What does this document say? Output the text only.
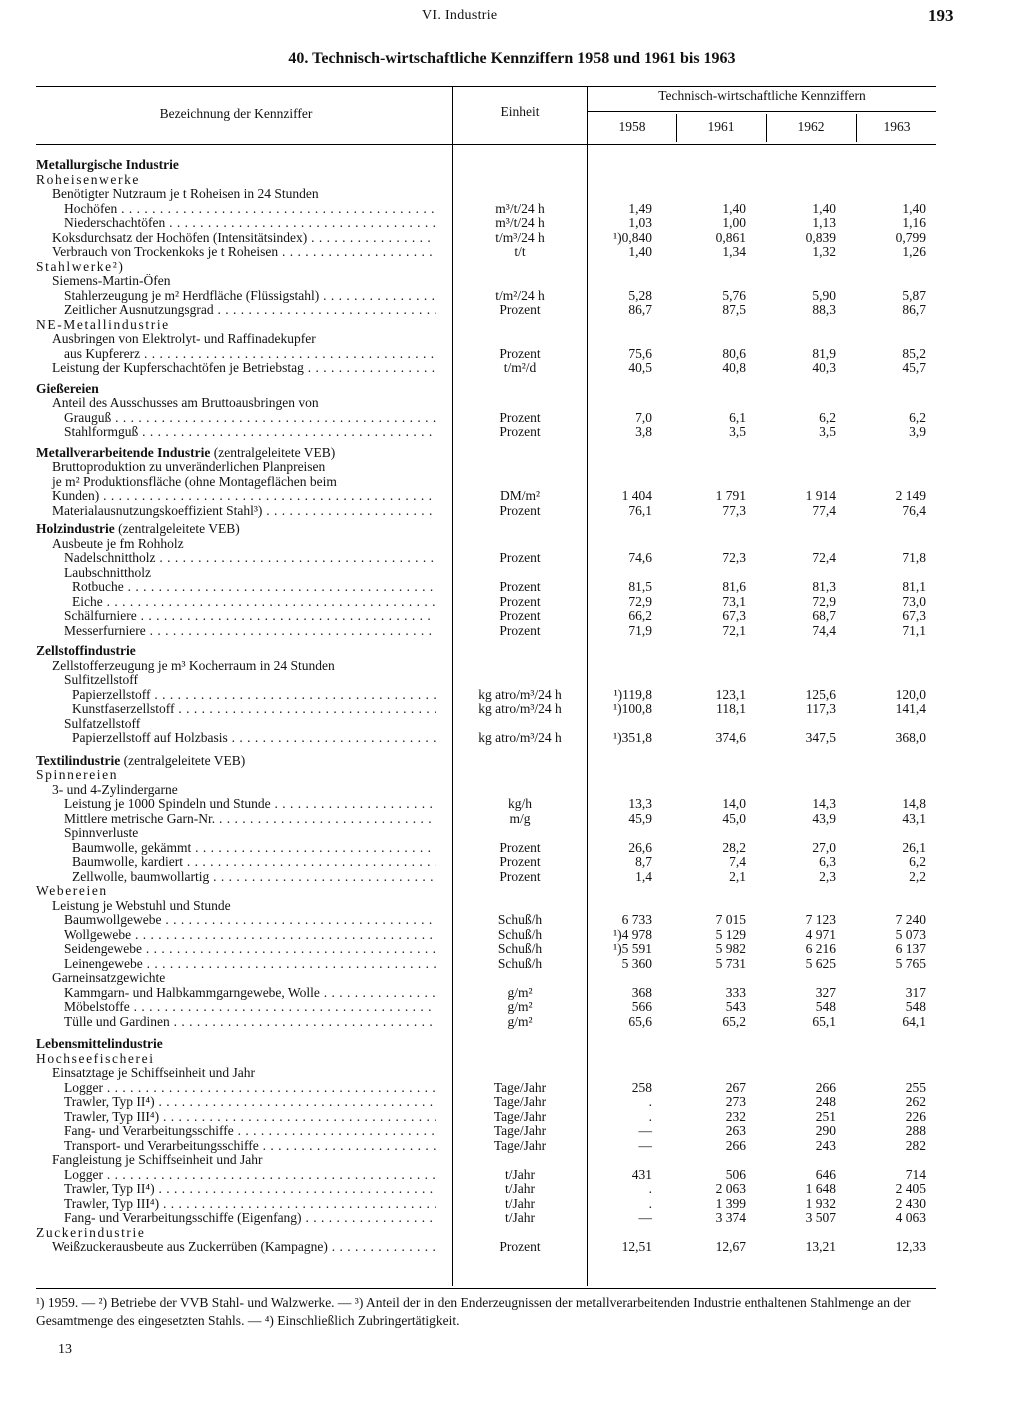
VI. Industrie	193
40. Technisch-wirtschaftliche Kennziffern 1958 und 1961 bis 1963
Bezeichnung der Kennziffer	Einheit
Technisch-wirtschaftliche Kennziffern
1958	1961	1962	1963
Metallurgische Industrie
Roheisenwerke
Benötigter Nutzraum je t Roheisen in 24 Stunden
Hochöfen . . .	m³/t/24 h	1,49	1,40	1,40	1,40
Niederschachtöfen . . .	m³/t/24 h	1,03	1,00	1,13	1,16
Koksdurchsatz der Hochöfen (Intensitätsindex) . . .	t/m³/24 h	¹)0,840	0,861	0,839	0,799
Verbrauch von Trockenkoks je t Roheisen . . .	t/t	1,40	1,34	1,32	1,26
Stahlwerke²)
Siemens-Martin-Öfen
Stahlerzeugung je m² Herdfläche (Flüssigstahl) . . .	t/m²/24 h	5,28	5,76	5,90	5,87
Zeitlicher Ausnutzungsgrad . . .	Prozent	86,7	87,5	88,3	86,7
NE-Metallindustrie
Ausbringen von Elektrolyt- und Raffinadekupfer
aus Kupfererz . . .	Prozent	75,6	80,6	81,9	85,2
Leistung der Kupferschachtöfen je Betriebstag . . .	t/m²/d	40,5	40,8	40,3	45,7
Gießereien
Anteil des Ausschusses am Bruttoausbringen von
Grauguß . . .	Prozent	7,0	6,1	6,2	6,2
Stahlformguß . . .	Prozent	3,8	3,5	3,5	3,9
Metallverarbeitende Industrie (zentralgeleitete VEB)
Bruttoproduktion zu unveränderlichen Planpreisen
je m² Produktionsfläche (ohne Montageflächen beim
Kunden) . . .	DM/m²	1 404	1 791	1 914	2 149
Materialausnutzungskoeffizient Stahl³) . . .	Prozent	76,1	77,3	77,4	76,4
Holzindustrie (zentralgeleitete VEB)
Ausbeute je fm Rohholz
Nadelschnittholz . . .	Prozent	74,6	72,3	72,4	71,8
Laubschnittholz
Rotbuche . . .	Prozent	81,5	81,6	81,3	81,1
Eiche . . .	Prozent	72,9	73,1	72,9	73,0
Schälfurniere . . .	Prozent	66,2	67,3	68,7	67,3
Messerfurniere . . .	Prozent	71,9	72,1	74,4	71,1
Zellstoffindustrie
Zellstofferzeugung je m³ Kocherraum in 24 Stunden
Sulfitzellstoff
Papierzellstoff . . .	kg atro/m³/24 h	¹)119,8	123,1	125,6	120,0
Kunstfaserzellstoff . . .	kg atro/m³/24 h	¹)100,8	118,1	117,3	141,4
Sulfatzellstoff
Papierzellstoff auf Holzbasis . . .	kg atro/m³/24 h	¹)351,8	374,6	347,5	368,0
Textilindustrie (zentralgeleitete VEB)
Spinnereien
3- und 4-Zylindergarne
Leistung je 1000 Spindeln und Stunde . . .	kg/h	13,3	14,0	14,3	14,8
Mittlere metrische Garn-Nr. . . .	m/g	45,9	45,0	43,9	43,1
Spinnverluste
Baumwolle, gekämmt . . .	Prozent	26,6	28,2	27,0	26,1
Baumwolle, kardiert . . .	Prozent	8,7	7,4	6,3	6,2
Zellwolle, baumwollartig . . .	Prozent	1,4	2,1	2,3	2,2
Webereien
Leistung je Webstuhl und Stunde
Baumwollgewebe . . .	Schuß/h	6 733	7 015	7 123	7 240
Wollgewebe . . .	Schuß/h	¹)4 978	5 129	4 971	5 073
Seidengewebe . . .	Schuß/h	¹)5 591	5 982	6 216	6 137
Leinengewebe . . .	Schuß/h	5 360	5 731	5 625	5 765
Garneinsatzgewichte
Kammgarn- und Halbkammgarngewebe, Wolle . . .	g/m²	368	333	327	317
Möbelstoffe . . .	g/m²	566	543	548	548
Tülle und Gardinen . . .	g/m²	65,6	65,2	65,1	64,1
Lebensmittelindustrie
Hochseefischerei
Einsatztage je Schiffseinheit und Jahr
Logger . . .	Tage/Jahr	258	267	266	255
Trawler, Typ II⁴) . . .	Tage/Jahr	.	273	248	262
Trawler, Typ III⁴) . . .	Tage/Jahr	.	232	251	226
Fang- und Verarbeitungsschiffe . . .	Tage/Jahr	—	263	290	288
Transport- und Verarbeitungsschiffe . . .	Tage/Jahr	—	266	243	282
Fangleistung je Schiffseinheit und Jahr
Logger . . .	t/Jahr	431	506	646	714
Trawler, Typ II⁴) . . .	t/Jahr	.	2 063	1 648	2 405
Trawler, Typ III⁴) . . .	t/Jahr	.	1 399	1 932	2 430
Fang- und Verarbeitungsschiffe (Eigenfang) . . .	t/Jahr	—	3 374	3 507	4 063
Zuckerindustrie
Weißzuckerausbeute aus Zuckerrüben (Kampagne) . . .	Prozent	12,51	12,67	13,21	12,33
¹) 1959. — ²) Betriebe der VVB Stahl- und Walzwerke. — ³) Anteil der in den Enderzeugnissen der metallverarbeitenden Industrie enthaltenen Stahlmenge an der Gesamtmenge des eingesetzten Stahls. — ⁴) Einschließlich Zubringertätigkeit.
13
